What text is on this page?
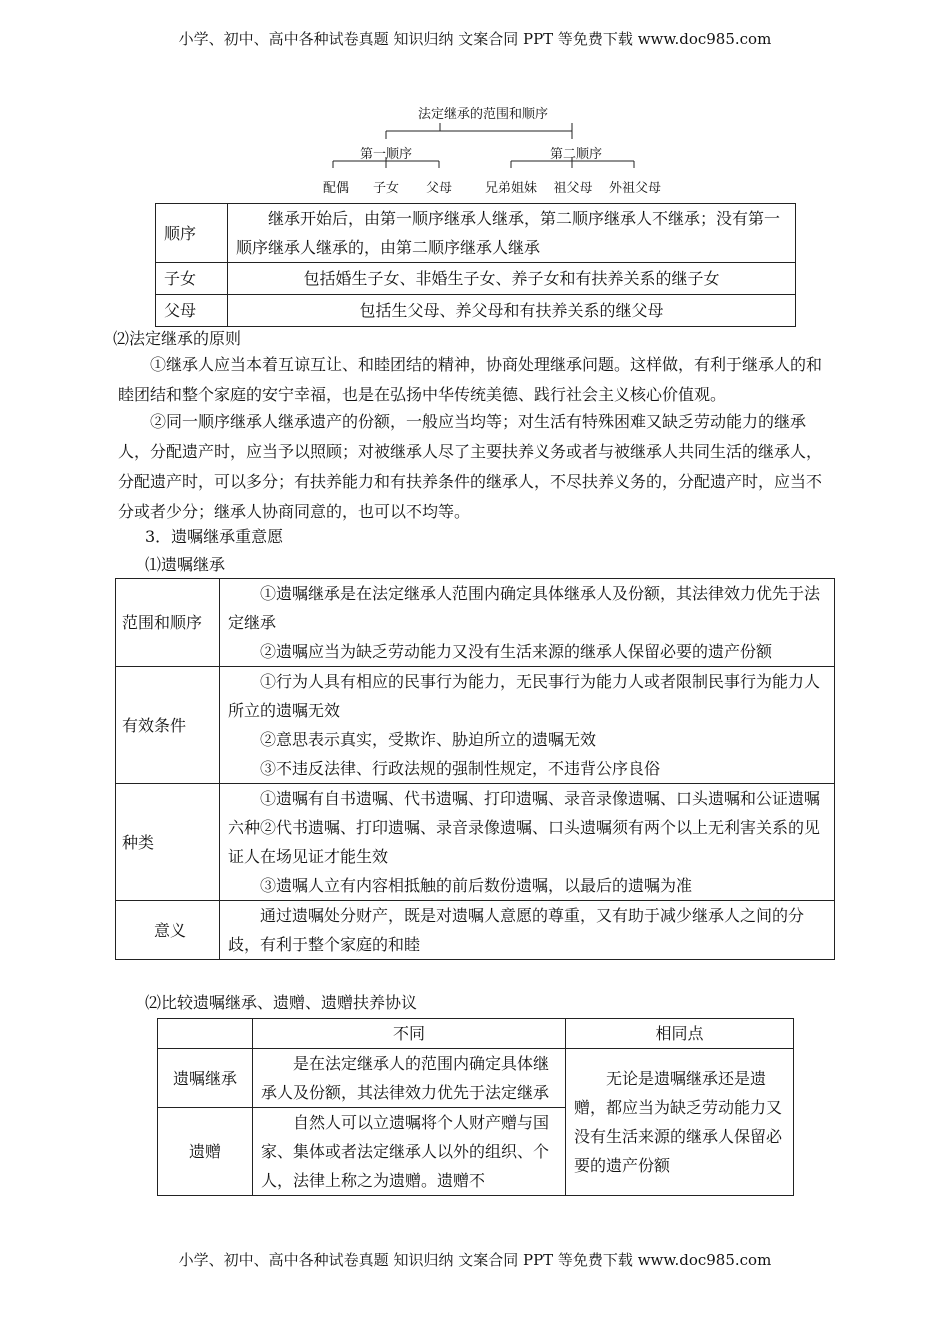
小学、初中、高中各种试卷真题 知识归纳 文案合同 PPT 等免费下载 www.doc985.com
法定继承的范围和顺序
第一顺序	第二顺序
配偶 子女 父母	兄弟姐妹 祖父母 外祖父母
顺序	继承开始后，由第一顺序继承人继承，第二顺序继承人不继承；没有第一顺序继承人继承的，由第二顺序继承人继承
子女	包括婚生子女、非婚生子女、养子女和有扶养关系的继子女
父母	包括生父母、养父母和有扶养关系的继父母
⑵法定继承的原则
①继承人应当本着互谅互让、和睦团结的精神，协商处理继承问题。这样做，有利于继承人的和睦团结和整个家庭的安宁幸福，也是在弘扬中华传统美德、践行社会主义核心价值观。
②同一顺序继承人继承遗产的份额，一般应当均等；对生活有特殊困难又缺乏劳动能力的继承人，分配遗产时，应当予以照顾；对被继承人尽了主要扶养义务或者与被继承人共同生活的继承人，分配遗产时，可以多分；有扶养能力和有扶养条件的继承人，不尽扶养义务的，分配遗产时，应当不分或者少分；继承人协商同意的，也可以不均等。
3．遗嘱继承重意愿
⑴遗嘱继承
范围和顺序	①遗嘱继承是在法定继承人范围内确定具体继承人及份额，其法律效力优先于法定继承
②遗嘱应当为缺乏劳动能力又没有生活来源的继承人保留必要的遗产份额

有效条件	①行为人具有相应的民事行为能力，无民事行为能力人或者限制民事行为能力人所立的遗嘱无效
②意思表示真实，受欺诈、胁迫所立的遗嘱无效
③不违反法律、行政法规的强制性规定，不违背公序良俗

种类	①遗嘱有自书遗嘱、代书遗嘱、打印遗嘱、录音录像遗嘱、口头遗嘱和公证遗嘱六种②代书遗嘱、打印遗嘱、录音录像遗嘱、口头遗嘱须有两个以上无利害关系的见证人在场见证才能生效
③遗嘱人立有内容相抵触的前后数份遗嘱，以最后的遗嘱为准

意义	通过遗嘱处分财产，既是对遗嘱人意愿的尊重，又有助于减少继承人之间的分歧，有利于整个家庭的和睦
⑵比较遗嘱继承、遗赠、遗赠扶养协议
	不同	相同点
遗嘱继承	是在法定继承人的范围内确定具体继承人及份额，其法律效力优先于法定继承	无论是遗嘱继承还是遗赠，都应当为缺乏劳动能力又没有生活来源的继承人保留必要的遗产份额
遗赠	自然人可以立遗嘱将个人财产赠与国家、集体或者法定继承人以外的组织、个人，法律上称之为遗赠。遗赠不	
小学、初中、高中各种试卷真题 知识归纳 文案合同 PPT 等免费下载 www.doc985.com
